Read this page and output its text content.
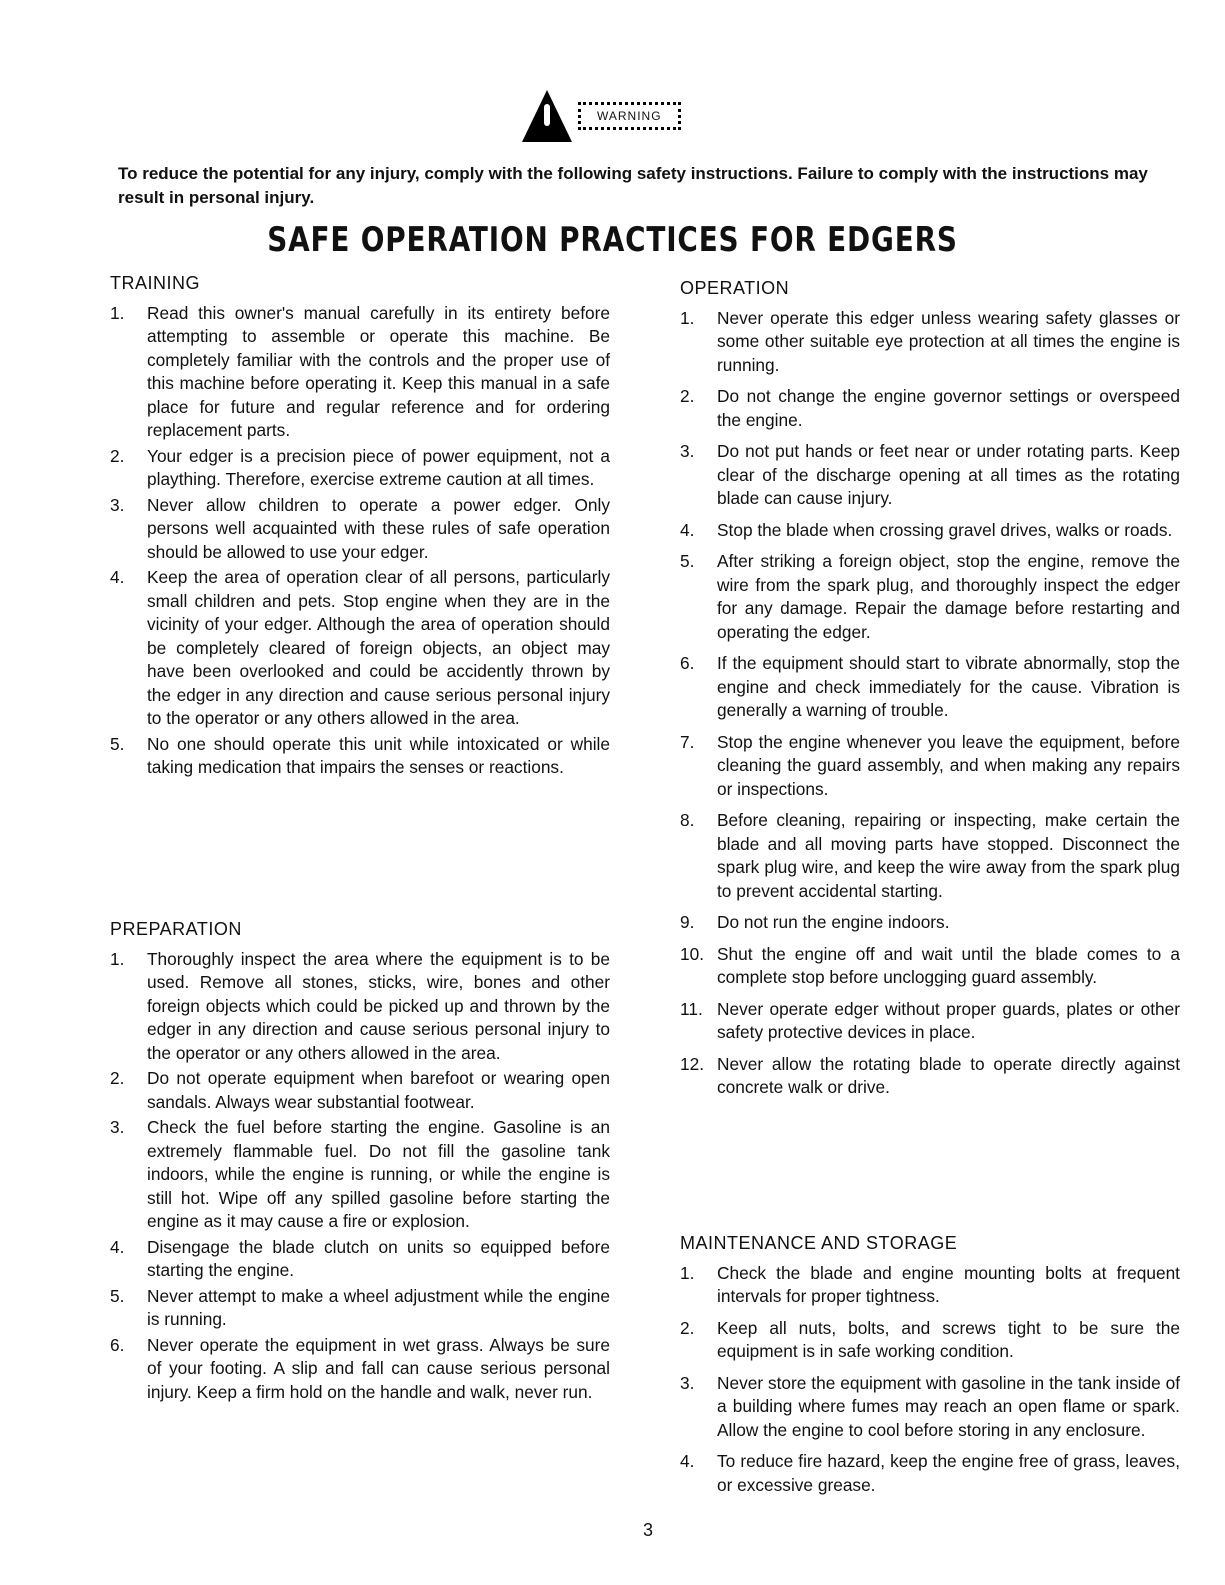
WARNING
To reduce the potential for any injury, comply with the following safety instructions. Failure to comply with the instructions may result in personal injury.
SAFE OPERATION PRACTICES FOR EDGERS
TRAINING
1. Read this owner's manual carefully in its entirety before attempting to assemble or operate this machine. Be completely familiar with the controls and the proper use of this machine before operating it. Keep this manual in a safe place for future and regular reference and for ordering replacement parts.
2. Your edger is a precision piece of power equipment, not a plaything. Therefore, exercise extreme caution at all times.
3. Never allow children to operate a power edger. Only persons well acquainted with these rules of safe operation should be allowed to use your edger.
4. Keep the area of operation clear of all persons, particularly small children and pets. Stop engine when they are in the vicinity of your edger. Although the area of operation should be completely cleared of foreign objects, an object may have been overlooked and could be accidently thrown by the edger in any direction and cause serious personal injury to the operator or any others allowed in the area.
5. No one should operate this unit while intoxicated or while taking medication that impairs the senses or reactions.
PREPARATION
1. Thoroughly inspect the area where the equipment is to be used. Remove all stones, sticks, wire, bones and other foreign objects which could be picked up and thrown by the edger in any direction and cause serious personal injury to the operator or any others allowed in the area.
2. Do not operate equipment when barefoot or wearing open sandals. Always wear substantial footwear.
3. Check the fuel before starting the engine. Gasoline is an extremely flammable fuel. Do not fill the gasoline tank indoors, while the engine is running, or while the engine is still hot. Wipe off any spilled gasoline before starting the engine as it may cause a fire or explosion.
4. Disengage the blade clutch on units so equipped before starting the engine.
5. Never attempt to make a wheel adjustment while the engine is running.
6. Never operate the equipment in wet grass. Always be sure of your footing. A slip and fall can cause serious personal injury. Keep a firm hold on the handle and walk, never run.
OPERATION
1. Never operate this edger unless wearing safety glasses or some other suitable eye protection at all times the engine is running.
2. Do not change the engine governor settings or overspeed the engine.
3. Do not put hands or feet near or under rotating parts. Keep clear of the discharge opening at all times as the rotating blade can cause injury.
4. Stop the blade when crossing gravel drives, walks or roads.
5. After striking a foreign object, stop the engine, remove the wire from the spark plug, and thoroughly inspect the edger for any damage. Repair the damage before restarting and operating the edger.
6. If the equipment should start to vibrate abnormally, stop the engine and check immediately for the cause. Vibration is generally a warning of trouble.
7. Stop the engine whenever you leave the equipment, before cleaning the guard assembly, and when making any repairs or inspections.
8. Before cleaning, repairing or inspecting, make certain the blade and all moving parts have stopped. Disconnect the spark plug wire, and keep the wire away from the spark plug to prevent accidental starting.
9. Do not run the engine indoors.
10. Shut the engine off and wait until the blade comes to a complete stop before unclogging guard assembly.
11. Never operate edger without proper guards, plates or other safety protective devices in place.
12. Never allow the rotating blade to operate directly against concrete walk or drive.
MAINTENANCE AND STORAGE
1. Check the blade and engine mounting bolts at frequent intervals for proper tightness.
2. Keep all nuts, bolts, and screws tight to be sure the equipment is in safe working condition.
3. Never store the equipment with gasoline in the tank inside of a building where fumes may reach an open flame or spark. Allow the engine to cool before storing in any enclosure.
4. To reduce fire hazard, keep the engine free of grass, leaves, or excessive grease.
3
